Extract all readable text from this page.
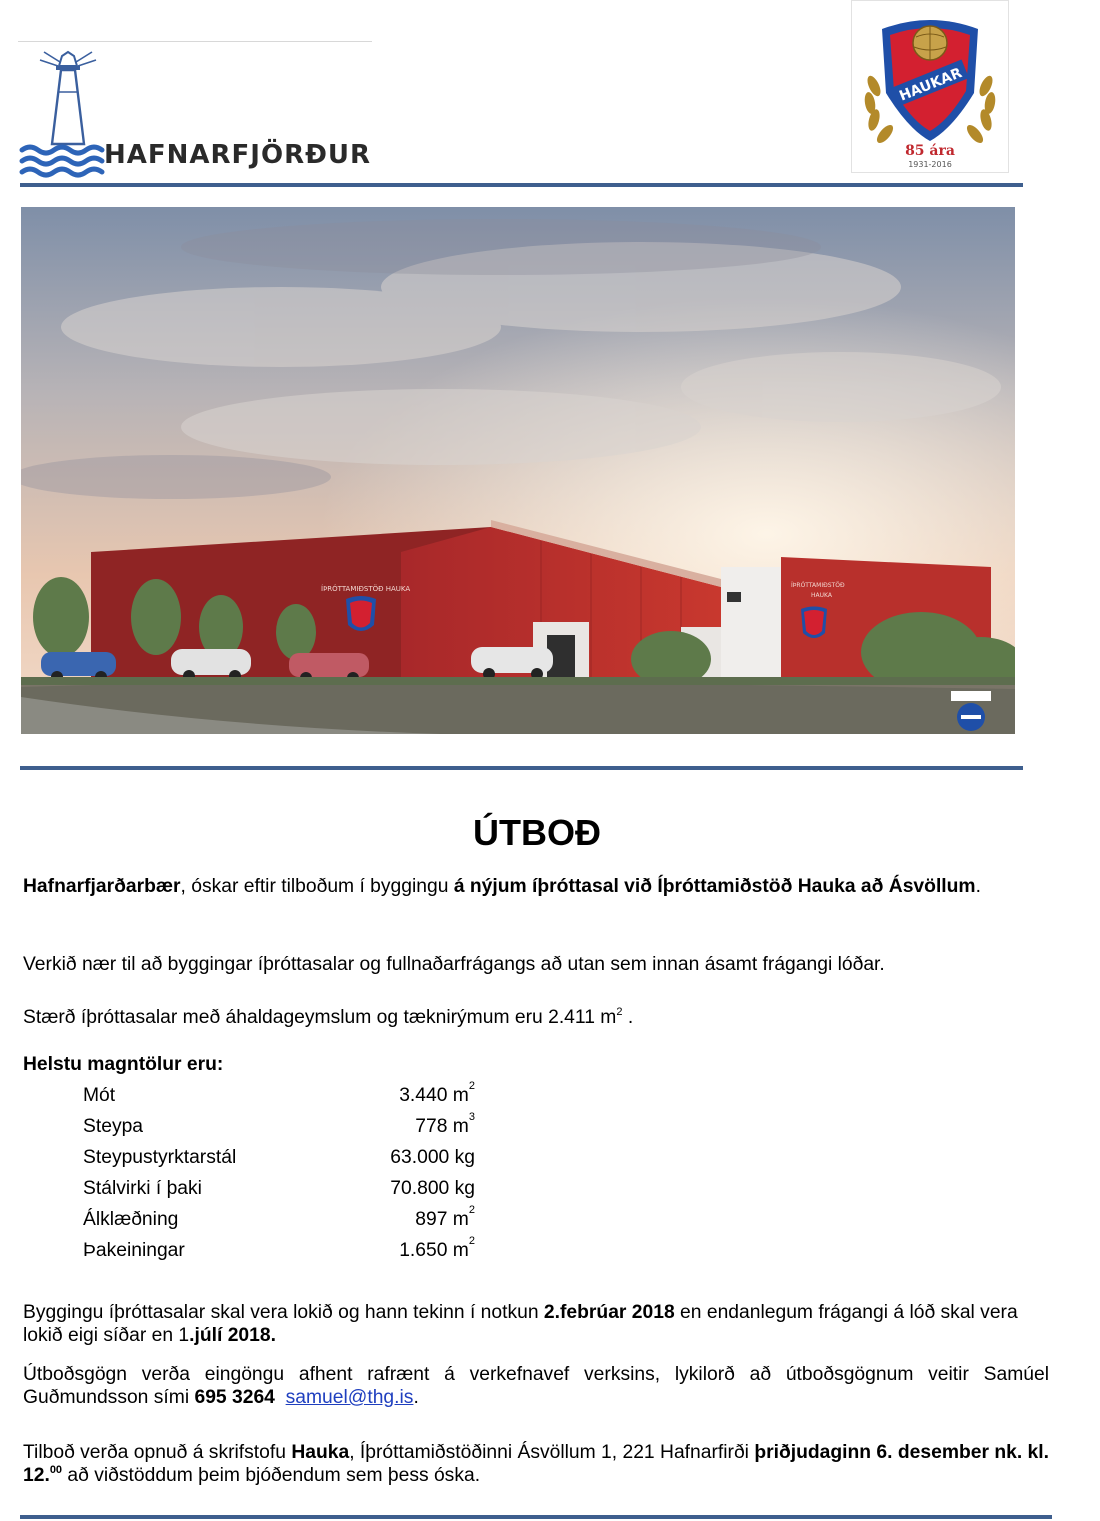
HAFNARFJÖRÐUR
HAUKAR
85 ára
1931-2016
ÍÞRÓTTAMIÐSTÖÐ HAUKA	ÍÞRÓTTAMIÐSTÖÐ
HAUKA
ÚTBOÐ
Hafnarfjarðarbær, óskar eftir tilboðum í byggingu á nýjum íþróttasal við Íþróttamiðstöð Hauka að Ásvöllum.
Verkið nær til að byggingar íþróttasalar og fullnaðarfrágangs að utan sem innan ásamt frágangi lóðar.
Stærð íþróttasalar með áhaldageymslum og tæknirýmum eru 2.411 $m^2$ .
Helstu magntölur eru:
Mót	3.440 $m^2$
Steypa	778 $m^3$
Steypustyrktarstál	63.000 kg
Stálvirki í þaki	70.800 kg
Álklæðning	897 $m^2$
Þakeiningar	1.650 $m^2$
Byggingu íþróttasalar skal vera lokið og hann tekinn í notkun 2.febrúar 2018 en endanlegum frágangi á lóð skal vera lokið eigi síðar en 1.júlí 2018.
Útboðsgögn verða eingöngu afhent rafrænt á verkefnavef verksins, lykilorð að útboðsgögnum veitir Samúel Guðmundsson sími 695 3264 samuel@thg.is.
Tilboð verða opnuð á skrifstofu Hauka, Íþróttamiðstöðinni Ásvöllum 1, 221 Hafnarfirði þriðjudaginn 6. desember nk. kl. 12.00 að viðstöddum þeim bjóðendum sem þess óska.
